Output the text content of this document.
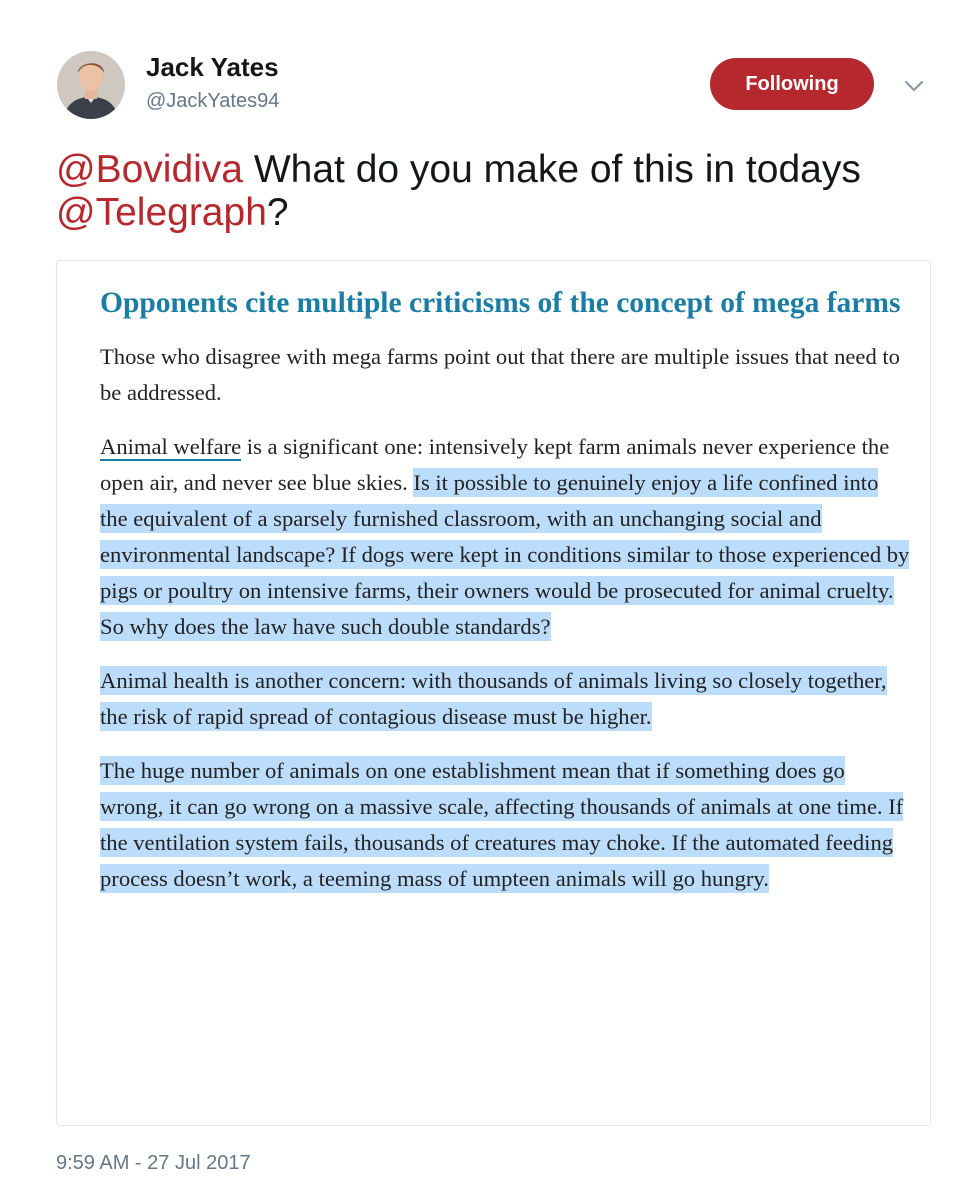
Jack Yates
@JackYates94
Following

@Bovidiva What do you make of this in todays @Telegraph?

Opponents cite multiple criticisms of the concept of mega farms

Those who disagree with mega farms point out that there are multiple issues that need to be addressed.

Animal welfare is a significant one: intensively kept farm animals never experience the open air, and never see blue skies. Is it possible to genuinely enjoy a life confined into the equivalent of a sparsely furnished classroom, with an unchanging social and environmental landscape? If dogs were kept in conditions similar to those experienced by pigs or poultry on intensive farms, their owners would be prosecuted for animal cruelty. So why does the law have such double standards?

Animal health is another concern: with thousands of animals living so closely together, the risk of rapid spread of contagious disease must be higher.

The huge number of animals on one establishment mean that if something does go wrong, it can go wrong on a massive scale, affecting thousands of animals at one time. If the ventilation system fails, thousands of creatures may choke. If the automated feeding process doesn’t work, a teeming mass of umpteen animals will go hungry.

9:59 AM - 27 Jul 2017
